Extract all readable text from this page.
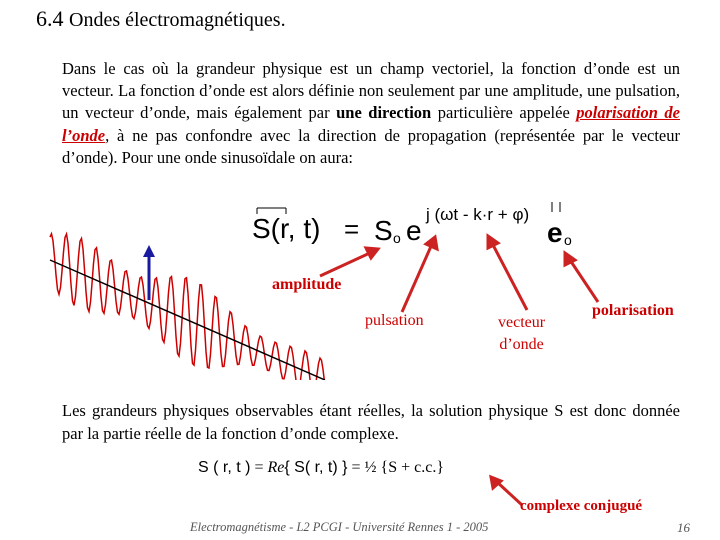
6.4 Ondes électromagnétiques.
Dans le cas où la grandeur physique est un champ vectoriel, la fonction d’onde est un vecteur. La fonction d’onde est alors définie non seulement par une amplitude, une pulsation, un vecteur d’onde, mais également par une direction particulière appelée polarisation de l’onde, à ne pas confondre avec la direction de propagation (représentée par le vecteur d’onde). Pour une onde sinusoïdale on aura:
S(r, t) = S o e
j (ωt - k·r + φ)
e o
amplitude
pulsation	vecteur
d’onde
polarisation
Les grandeurs physiques observables étant réelles, la solution physique S est donc donnée par la partie réelle de la fonction d’onde complexe.
S ( r, t ) = Re{ S( r, t) } = ½ {S + c.c.}
complexe conjugué
Electromagnétisme - L2 PCGI - Université Rennes 1 - 2005	16
